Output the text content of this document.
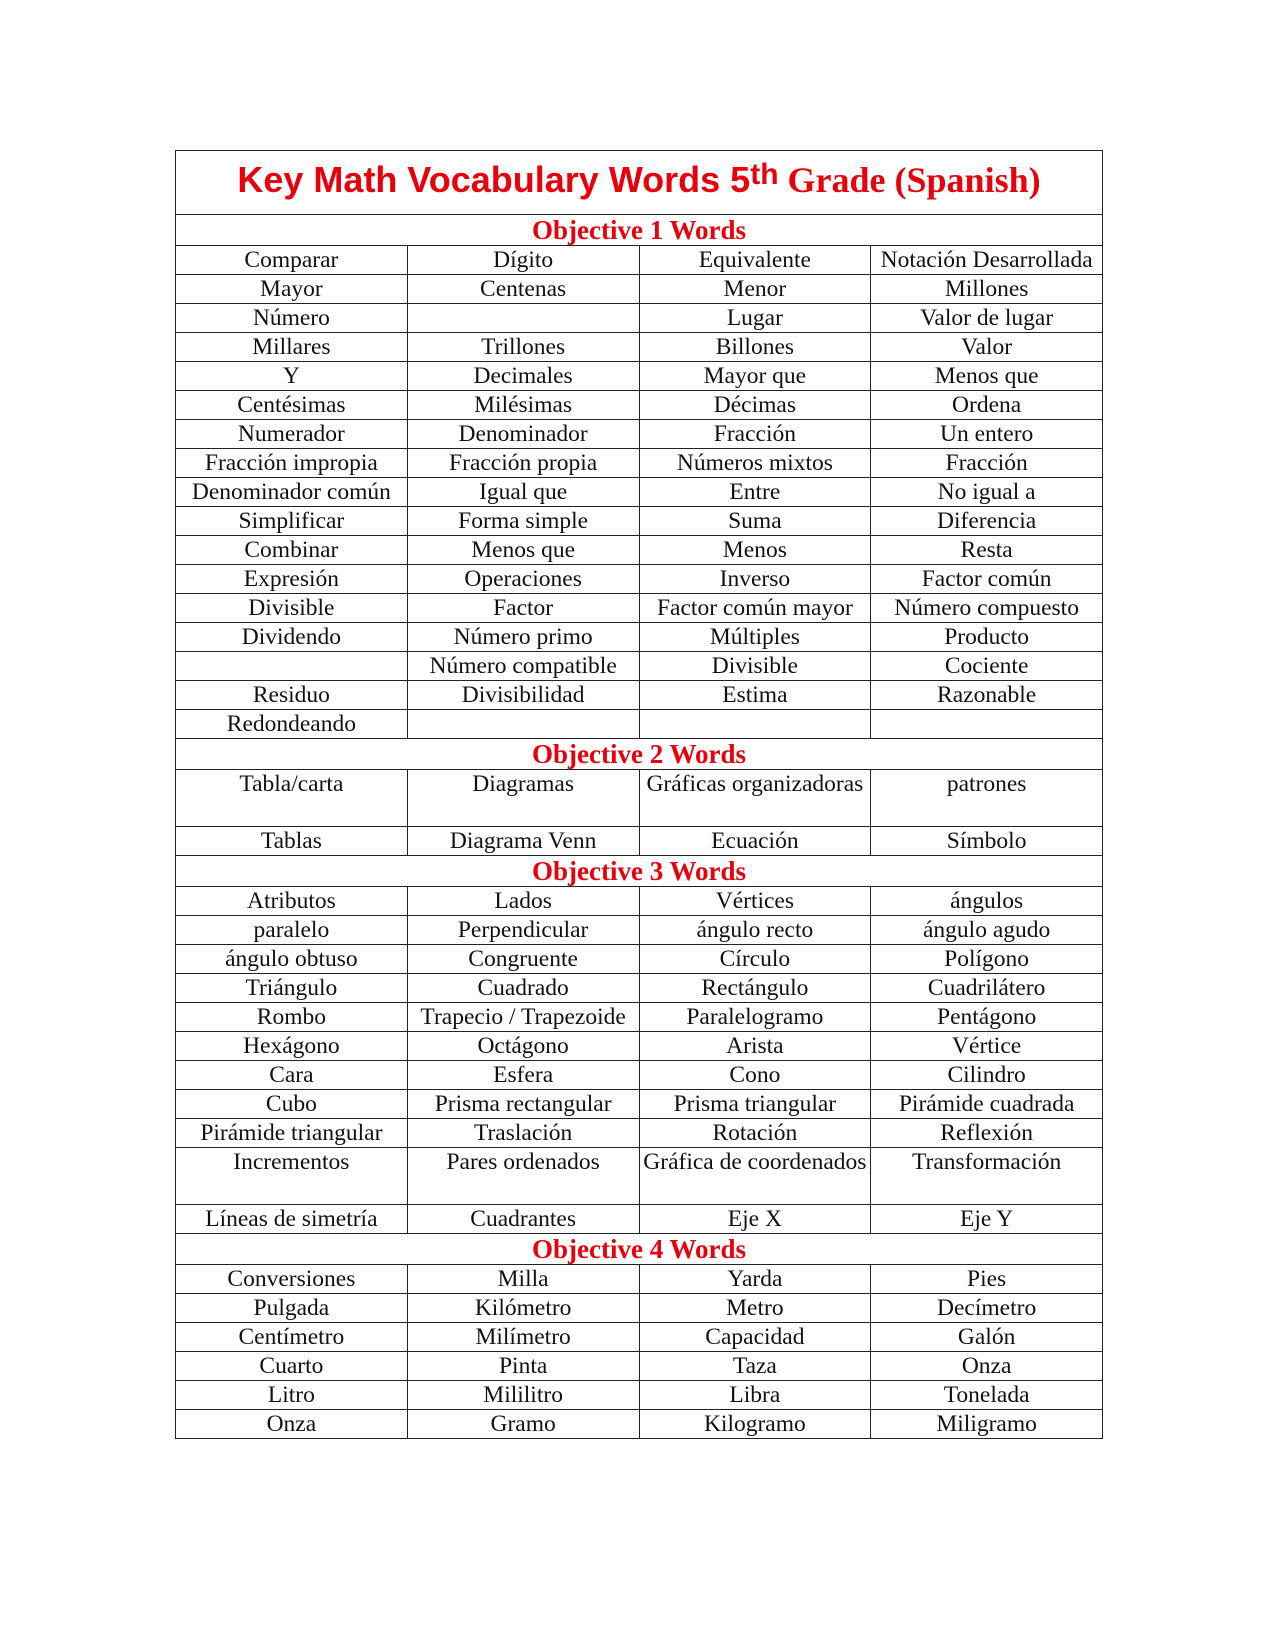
Key Math Vocabulary Words 5th Grade (Spanish)			
Objective 1 Words			
Comparar	Dígito	Equivalente	Notación Desarrollada
Mayor	Centenas	Menor	Millones
Número		Lugar	Valor de lugar
Millares	Trillones	Billones	Valor
Y	Decimales	Mayor que	Menos que
Centésimas	Milésimas	Décimas	Ordena
Numerador	Denominador	Fracción	Un entero
Fracción impropia	Fracción propia	Números mixtos	Fracción
Denominador común	Igual que	Entre	No igual a
Simplificar	Forma simple	Suma	Diferencia
Combinar	Menos que	Menos	Resta
Expresión	Operaciones	Inverso	Factor común
Divisible	Factor	Factor común mayor	Número compuesto
Dividendo	Número primo	Múltiples	Producto
	Número compatible	Divisible	Cociente
Residuo	Divisibilidad	Estima	Razonable
Redondeando			
Objective 2 Words			
Tabla/carta	Diagramas	Gráficas organizadoras	patrones
Tablas	Diagrama Venn	Ecuación	Símbolo
Objective 3 Words			
Atributos	Lados	Vértices	ángulos
paralelo	Perpendicular	ángulo recto	ángulo agudo
ángulo obtuso	Congruente	Círculo	Polígono
Triángulo	Cuadrado	Rectángulo	Cuadrilátero
Rombo	Trapecio / Trapezoide	Paralelogramo	Pentágono
Hexágono	Octágono	Arista	Vértice
Cara	Esfera	Cono	Cilindro
Cubo	Prisma rectangular	Prisma triangular	Pirámide cuadrada
Pirámide triangular	Traslación	Rotación	Reflexión
Incrementos	Pares ordenados	Gráfica de coordenados	Transformación
Líneas de simetría	Cuadrantes	Eje X	Eje Y
Objective 4 Words			
Conversiones	Milla	Yarda	Pies
Pulgada	Kilómetro	Metro	Decímetro
Centímetro	Milímetro	Capacidad	Galón
Cuarto	Pinta	Taza	Onza
Litro	Mililitro	Libra	Tonelada
Onza	Gramo	Kilogramo	Miligramo
